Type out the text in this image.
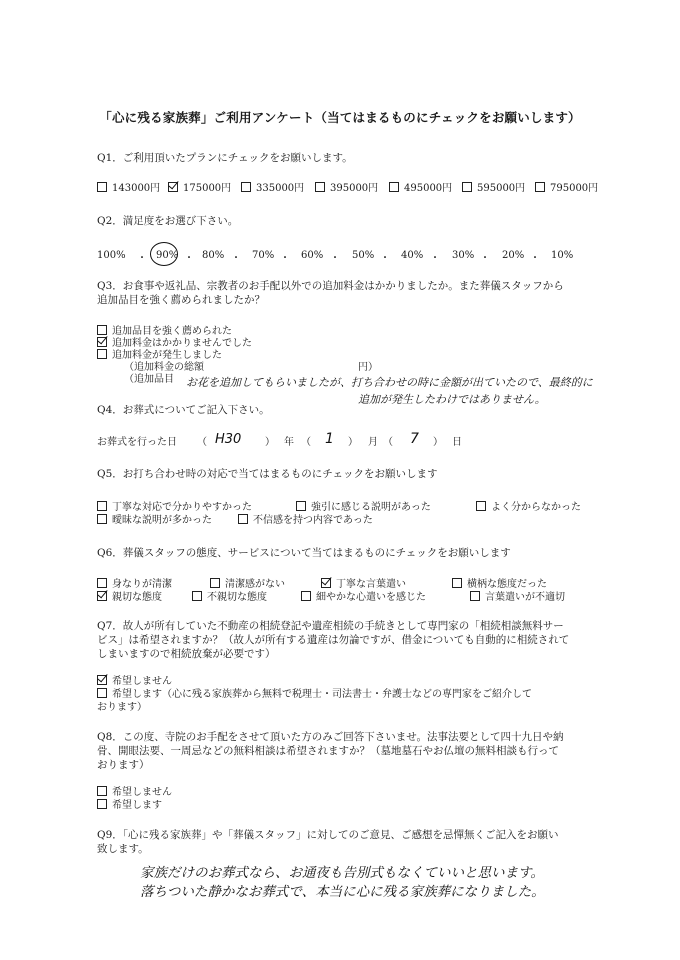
「心に残る家族葬」ご利用アンケート（当てはまるものにチェックをお願いします）
Q1．ご利用頂いたプランにチェックをお願いします。
143000円	175000円	335000円	395000円	495000円	595000円	795000円
Q2．満足度をお選び下さい。
100% ・ 90% ・ 80% ・ 70% ・ 60% ・ 50% ・ 40% ・ 30% ・ 20% ・ 10%
Q3．お食事や返礼品、宗教者のお手配以外での追加料金はかかりましたか。また葬儀スタッフから
追加品目を強く薦められましたか？
追加品目を強く薦められた
追加料金はかかりませんでした
追加料金が発生しました
（追加料金の総額	円）
（追加品目 お花を追加してもらいましたが、打ち合わせの時に金額が出ていたので、最終的に
追加が発生したわけではありません。
Q4．お葬式についてご記入下さい。
お葬式を行った日 （ H30 ） 年 （ 1 ） 月 （ 7 ） 日
Q5．お打ち合わせ時の対応で当てはまるものにチェックをお願いします
丁寧な対応で分かりやすかった	強引に感じる説明があった	よく分からなかった
曖昧な説明が多かった	不信感を持つ内容であった
Q6．葬儀スタッフの態度、サービスについて当てはまるものにチェックをお願いします
身なりが清潔	清潔感がない	丁寧な言葉遣い	横柄な態度だった
親切な態度	不親切な態度	細やかな心遣いを感じた	言葉遣いが不適切
Q7．故人が所有していた不動産の相続登記や遺産相続の手続きとして専門家の「相続相談無料サー
ビス」は希望されますか？（故人が所有する遺産は勿論ですが、借金についても自動的に相続されて
しまいますので相続放棄が必要です）
希望しません
希望します（心に残る家族葬から無料で税理士・司法書士・弁護士などの専門家をご紹介して
おります）
Q8．この度、寺院のお手配をさせて頂いた方のみご回答下さいませ。法事法要として四十九日や納
骨、開眼法要、一周忌などの無料相談は希望されますか？（墓地墓石やお仏壇の無料相談も行って
おります）
希望しません
希望します
Q9．「心に残る家族葬」や「葬儀スタッフ」に対してのご意見、ご感想を忌憚無くご記入をお願い
致します。
家族だけのお葬式なら、お通夜も告別式もなくていいと思います。
落ちついた静かなお葬式で、本当に心に残る家族葬になりました。
